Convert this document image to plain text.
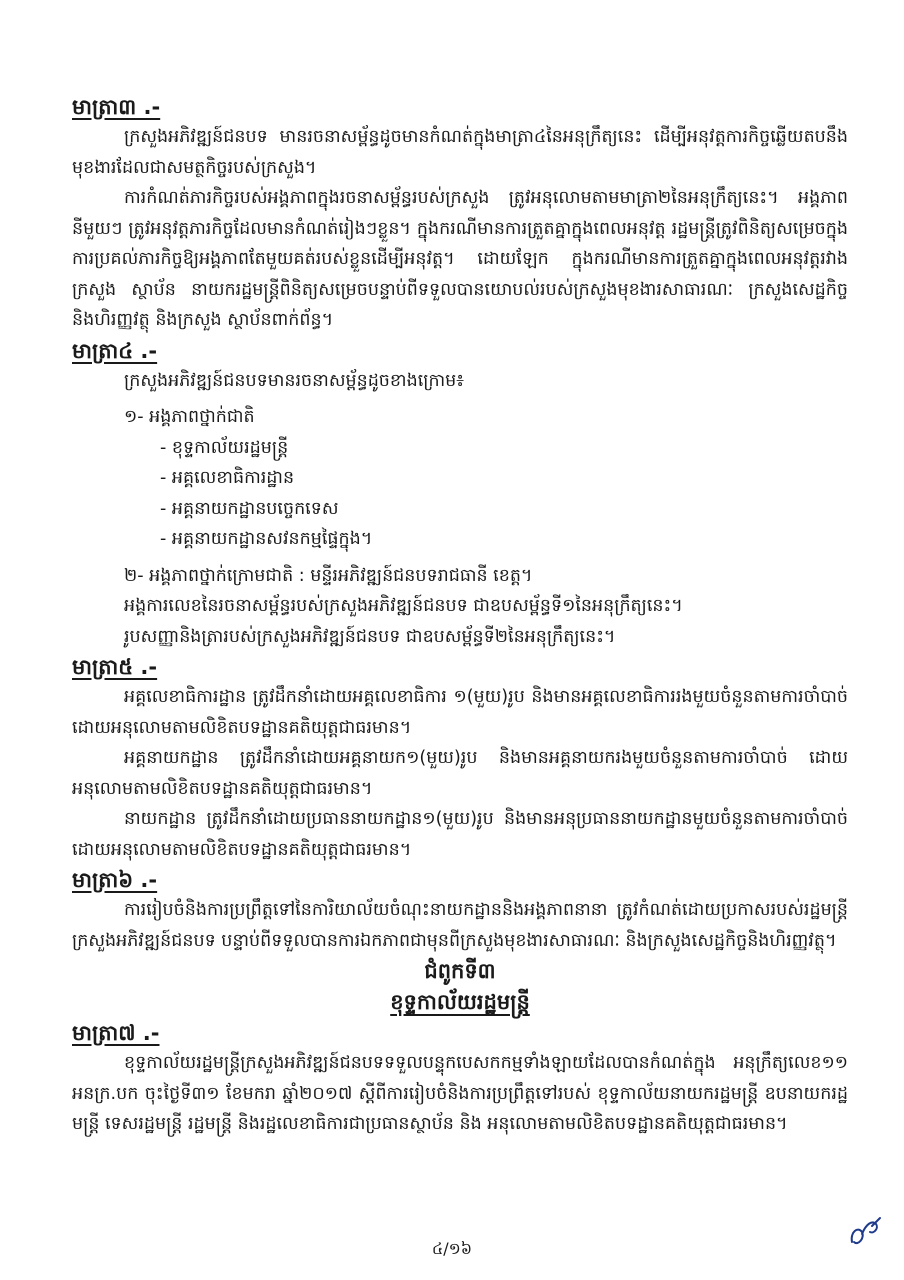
មាត្រា៣ .-

ក្រសួងអភិវឌ្ឍន៍ជនបទ មានរចនាសម្ព័ន្ធដូចមានកំណត់ក្នុងមាត្រា៤នៃអនុក្រឹត្យនេះ ដើម្បីអនុវត្តការកិច្ចឆ្លើយតបនឹងមុខងារដែលជាសមត្ថកិច្ចរបស់ក្រសួង។

ការកំណត់ភារកិច្ចរបស់អង្គភាពក្នុងរចនាសម្ព័ន្ធរបស់ក្រសួង ត្រូវអនុលោមតាមមាត្រា២នៃអនុក្រឹត្យនេះ។ អង្គភាពនីមួយៗ ត្រូវអនុវត្តភារកិច្ចដែលមានកំណត់រៀងៗខ្លួន។ ក្នុងករណីមានការត្រួតគ្នាក្នុងពេលអនុវត្ត រដ្ឋមន្ត្រីត្រូវពិនិត្យសម្រេចក្នុងការប្រគល់ភារកិច្ចឱ្យអង្គភាពតែមួយគត់របស់ខ្លួនដើម្បីអនុវត្ត។ ដោយឡែក ក្នុងករណីមានការត្រួតគ្នាក្នុងពេលអនុវត្តរវាងក្រសួង ស្ថាប័ន នាយករដ្ឋមន្ត្រីពិនិត្យសម្រេចបន្ទាប់ពីទទួលបានយោបល់របស់ក្រសួងមុខងារសាធារណៈ ក្រសួងសេដ្ឋកិច្ចនិងហិរញ្ញវត្ថុ និងក្រសួង ស្ថាប័នពាក់ព័ន្ធ។

មាត្រា៤ .-

ក្រសួងអភិវឌ្ឍន៍ជនបទមានរចនាសម្ព័ន្ធដូចខាងក្រោម៖

១- អង្គភាពថ្នាក់ជាតិ

- ខុទ្ទកាល័យរដ្ឋមន្ត្រី

- អគ្គលេខាធិការដ្ឋាន

- អគ្គនាយកដ្ឋានបច្ចេកទេស

- អគ្គនាយកដ្ឋានសវនកម្មផ្ទៃក្នុង។

២- អង្គភាពថ្នាក់ក្រោមជាតិ : មន្ទីរអភិវឌ្ឍន៍ជនបទរាជធានី ខេត្ត។

អង្គការលេខនៃរចនាសម្ព័ន្ធរបស់ក្រសួងអភិវឌ្ឍន៍ជនបទ ជាឧបសម្ព័ន្ធទី១នៃអនុក្រឹត្យនេះ។

រូបសញ្ញានិងត្រារបស់ក្រសួងអភិវឌ្ឍន៍ជនបទ ជាឧបសម្ព័ន្ធទី២នៃអនុក្រឹត្យនេះ។

មាត្រា៥ .-

អគ្គលេខាធិការដ្ឋាន ត្រូវដឹកនាំដោយអគ្គលេខាធិការ ១(មួយ)រូប និងមានអគ្គលេខាធិការរងមួយចំនួនតាមការចាំបាច់ ដោយអនុលោមតាមលិខិតបទដ្ឋានគតិយុត្តជាធរមាន។

អគ្គនាយកដ្ឋាន ត្រូវដឹកនាំដោយអគ្គនាយក១(មួយ)រូប និងមានអគ្គនាយករងមួយចំនួនតាមការចាំបាច់ ដោយអនុលោមតាមលិខិតបទដ្ឋានគតិយុត្តជាធរមាន។

នាយកដ្ឋាន ត្រូវដឹកនាំដោយប្រធាននាយកដ្ឋាន១(មួយ)រូប និងមានអនុប្រធាននាយកដ្ឋានមួយចំនួនតាមការចាំបាច់ ដោយអនុលោមតាមលិខិតបទដ្ឋានគតិយុត្តជាធរមាន។

មាត្រា៦ .-

ការរៀបចំនិងការប្រព្រឹត្តទៅនៃការិយាល័យចំណុះនាយកដ្ឋាននិងអង្គភាពនានា ត្រូវកំណត់ដោយប្រកាសរបស់រដ្ឋមន្ត្រីក្រសួងអភិវឌ្ឍន៍ជនបទ បន្ទាប់ពីទទួលបានការឯកភាពជាមុនពីក្រសួងមុខងារសាធារណៈ និងក្រសួងសេដ្ឋកិច្ចនិងហិរញ្ញវត្ថុ។

ជំពូកទី៣

ខុទ្ទកាល័យរដ្ឋមន្ត្រី

មាត្រា៧ .-

ខុទ្ទកាល័យរដ្ឋមន្ត្រីក្រសួងអភិវឌ្ឍន៍ជនបទទទួលបន្ទុកបេសកកម្មទាំងឡាយដែលបានកំណត់ក្នុង អនុក្រឹត្យលេខ១១ អនក្រ.បក ចុះថ្ងៃទី៣១ ខែមករា ឆ្នាំ២០១៧ ស្តីពីការរៀបចំនិងការប្រព្រឹត្តទៅរបស់ ខុទ្ទកាល័យនាយករដ្ឋមន្ត្រី ឧបនាយករដ្ឋមន្ត្រី ទេសរដ្ឋមន្ត្រី រដ្ឋមន្ត្រី និងរដ្ឋលេខាធិការជាប្រធានស្ថាប័ន និង អនុលោមតាមលិខិតបទដ្ឋានគតិយុត្តជាធរមាន។

៤/១៦
